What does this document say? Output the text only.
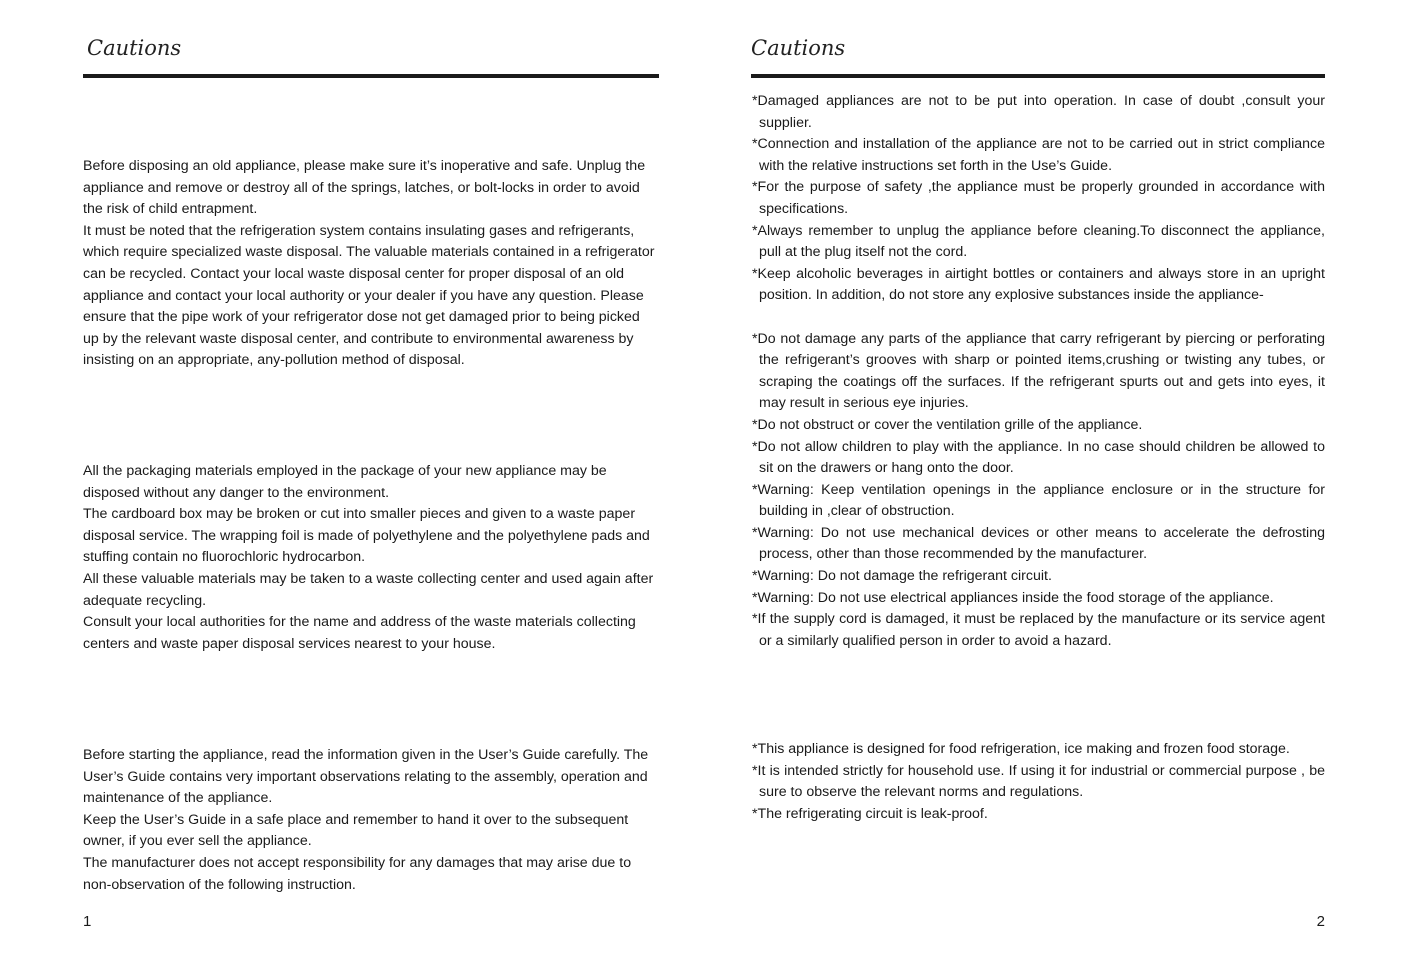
Cautions

Before disposing an old appliance, please make sure it’s inoperative and safe. Unplug the appliance and remove or destroy all of the springs, latches, or bolt-locks in order to avoid the risk of child entrapment.

It must be noted that the refrigeration system contains insulating gases and refrigerants, which require specialized waste disposal. The valuable materials contained in a refrigerator can be recycled. Contact your local waste disposal center for proper disposal of an old appliance and contact your local authority or your dealer if you have any question. Please ensure that the pipe work of your refrigerator dose not get damaged prior to being picked up by the relevant waste disposal center, and contribute to environmental awareness by insisting on an appropriate, any-pollution method of disposal.

All the packaging materials employed in the package of your new appliance may be disposed without any danger to the environment.

The cardboard box may be broken or cut into smaller pieces and given to a waste paper disposal service. The wrapping foil is made of polyethylene and the polyethylene pads and stuffing contain no fluorochloric hydrocarbon.

All these valuable materials may be taken to a waste collecting center and used again after adequate recycling.

Consult your local authorities for the name and address of the waste materials collecting centers and waste paper disposal services nearest to your house.

Before starting the appliance, read the information given in the User’s Guide carefully. The User’s Guide contains very important observations relating to the assembly, operation and maintenance of the appliance.

Keep the User’s Guide in a safe place and remember to hand it over to the subsequent owner, if you ever sell the appliance.

The manufacturer does not accept responsibility for any damages that may arise due to non-observation of the following instruction.

1

Cautions

*Damaged appliances are not to be put into operation. In case of doubt ,consult your supplier.

*Connection and installation of the appliance are not to be carried out in strict compliance with the relative instructions set forth in the Use’s Guide.

*For the purpose of safety ,the appliance must be properly grounded in accordance with specifications.

*Always remember to unplug the appliance before cleaning.To disconnect the appliance, pull at the plug itself not the cord.

*Keep alcoholic beverages in airtight bottles or containers and always store in an upright position. In addition, do not store any explosive substances inside the appliance-

*Do not damage any parts of the appliance that carry refrigerant by piercing or perforating the refrigerant’s grooves with sharp or pointed items,crushing or twisting any tubes, or scraping the coatings off the surfaces. If the refrigerant spurts out and gets into eyes, it may result in serious eye injuries.

*Do not obstruct or cover the ventilation grille of the appliance.

*Do not allow children to play with the appliance. In no case should children be allowed to sit on the drawers or hang onto the door.

*Warning: Keep ventilation openings in the appliance enclosure or in the structure for building in ,clear of obstruction.

*Warning: Do not use mechanical devices or other means to accelerate the defrosting process, other than those recommended by the manufacturer.

*Warning: Do not damage the refrigerant circuit.

*Warning: Do not use electrical appliances inside the food storage of the appliance.

*If the supply cord is damaged, it must be replaced by the manufacture or its service agent or a similarly qualified person in order to avoid a hazard.

*This appliance is designed for food refrigeration, ice making and frozen food storage.

*It is intended strictly for household use. If using it for industrial or commercial purpose , be sure to observe the relevant norms and regulations.

*The refrigerating circuit is leak-proof.

2
